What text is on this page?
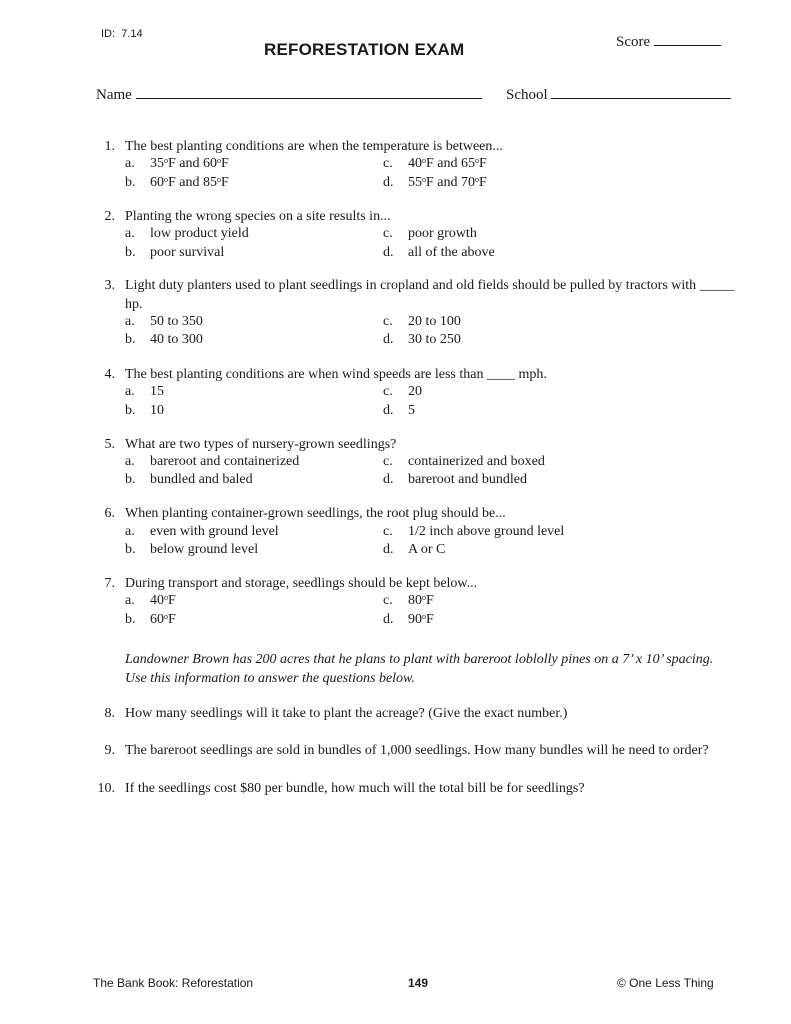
ID: 7.14
REFORESTATION EXAM	Score
Name	School
1. The best planting conditions are when the temperature is between...
a. 35$^o$F and 60$^o$F	c. 40$^o$F and 65$^o$F
b. 60$^o$F and 85$^o$F	d. 55$^o$F and 70$^o$F
2. Planting the wrong species on a site results in...
a. low product yield	c. poor growth
b. poor survival	d. all of the above
3. Light duty planters used to plant seedlings in cropland and old fields should be pulled by tractors with _____ hp.
a. 50 to 350	c. 20 to 100
b. 40 to 300	d. 30 to 250
4. The best planting conditions are when wind speeds are less than ____ mph.
a. 15	c. 20
b. 10	d. 5
5. What are two types of nursery-grown seedlings?
a. bareroot and containerized	c. containerized and boxed
b. bundled and baled	d. bareroot and bundled
6. When planting container-grown seedlings, the root plug should be...
a. even with ground level	c. 1/2 inch above ground level
b. below ground level	d. A or C
7. During transport and storage, seedlings should be kept below...
a. 40$^o$F	c. 80$^o$F
b. 60$^o$F	d. 90$^o$F
Landowner Brown has 200 acres that he plans to plant with bareroot loblolly pines on a 7’ x 10’ spacing. Use this information to answer the questions below.
8. How many seedlings will it take to plant the acreage? (Give the exact number.)
9. The bareroot seedlings are sold in bundles of 1,000 seedlings. How many bundles will he need to order?
10. If the seedlings cost $80 per bundle, how much will the total bill be for seedlings?
The Bank Book: Reforestation	149	© One Less Thing
